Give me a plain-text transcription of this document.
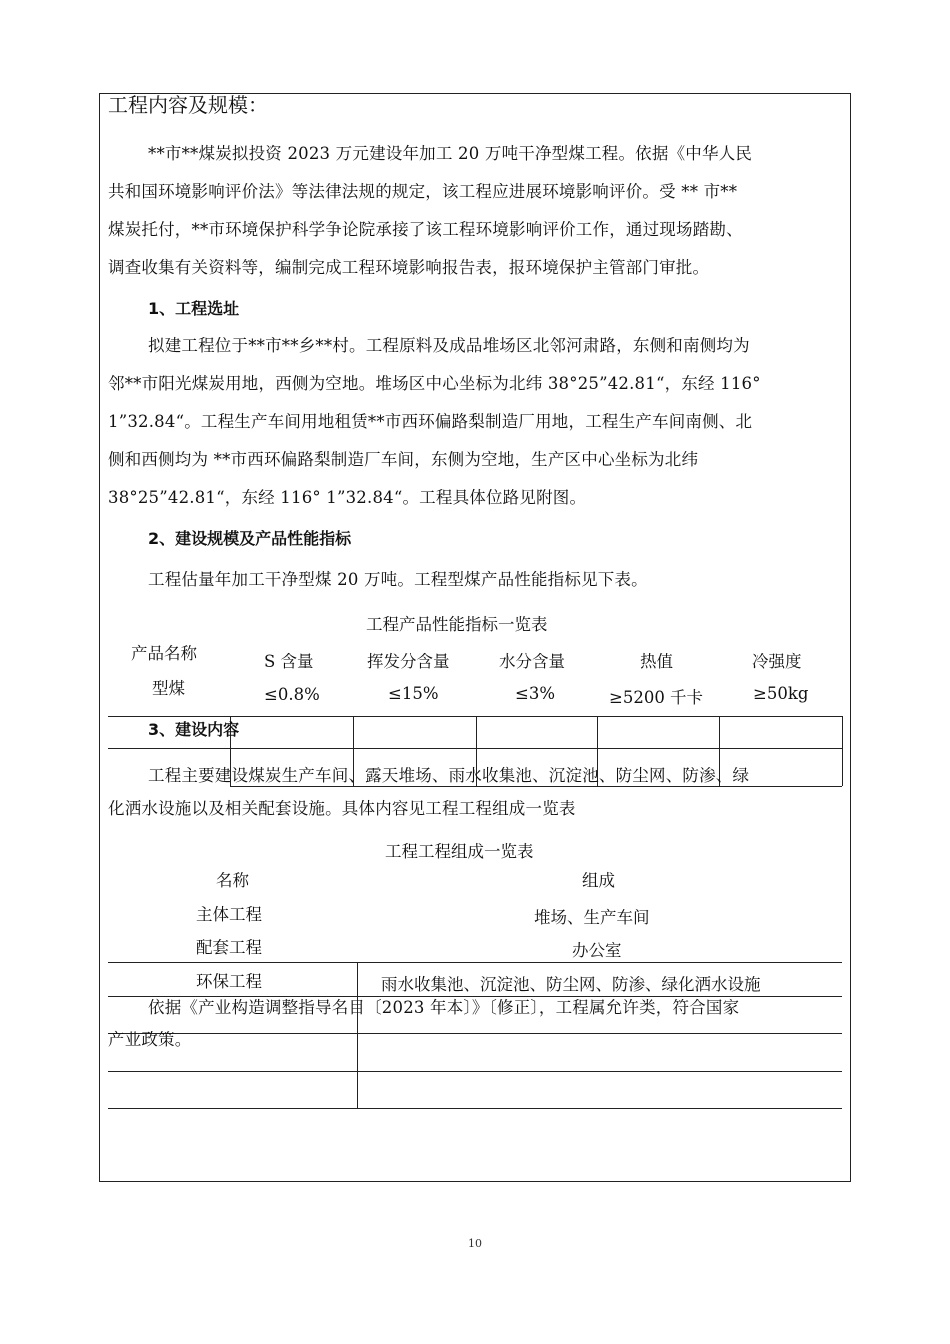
工程内容及规模：
**市**煤炭拟投资 2023 万元建设年加工 20 万吨干净型煤工程。依据《中华人民
共和国环境影响评价法》等法律法规的规定，该工程应进展环境影响评价。受 ** 市**
煤炭托付，**市环境保护科学争论院承接了该工程环境影响评价工作，通过现场踏勘、
调查收集有关资料等，编制完成工程环境影响报告表，报环境保护主管部门审批。
1、工程选址
拟建工程位于**市**乡**村。工程原料及成品堆场区北邻河肃路，东侧和南侧均为
邻**市阳光煤炭用地，西侧为空地。堆场区中心坐标为北纬 38°25”42.81“，东经 116°
1”32.84“。工程生产车间用地租赁**市西环偏路梨制造厂用地，工程生产车间南侧、北
侧和西侧均为 **市西环偏路梨制造厂车间，东侧为空地，生产区中心坐标为北纬
38°25”42.81“，东经 116° 1”32.84“。工程具体位路见附图。
2、建设规模及产品性能指标
工程估量年加工干净型煤 20 万吨。工程型煤产品性能指标见下表。
工程产品性能指标一览表
产品名称	S 含量	挥发分含量	水分含量	热值	冷强度
型煤	≤0.8%	≤15%	≤3%	≥5200 千卡	≥50kg
3、建设内容
工程主要建设煤炭生产车间、露天堆场、雨水收集池、沉淀池、防尘网、防渗、绿
化洒水设施以及相关配套设施。具体内容见工程工程组成一览表
工程工程组成一览表
名称	组成
主体工程	堆场、生产车间
配套工程	办公室
环保工程	雨水收集池、沉淀池、防尘网、防渗、绿化洒水设施
依据《产业构造调整指导名目〔2023 年本〕》〔修正〕，工程属允许类，符合国家
产业政策。
10
